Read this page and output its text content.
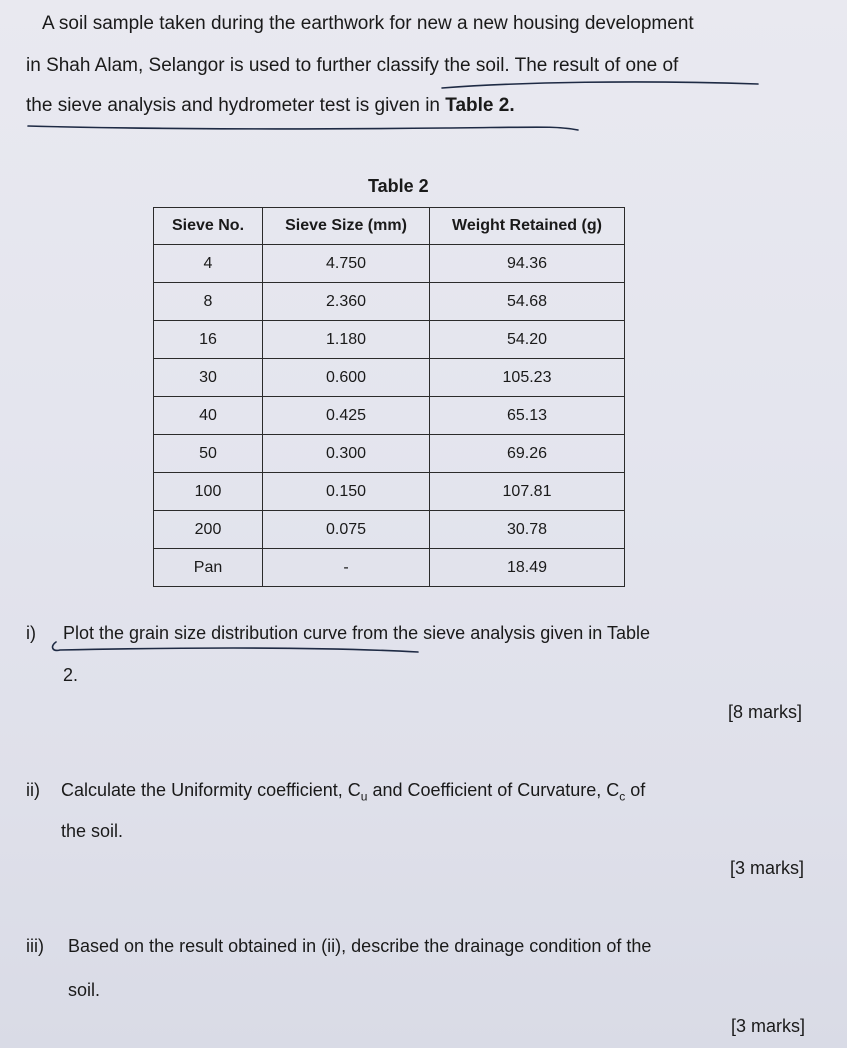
A soil sample taken during the earthwork for new a new housing development
in Shah Alam, Selangor is used to further classify the soil. The result of one of
the sieve analysis and hydrometer test is given in Table 2.
Table 2
Sieve No.	Sieve Size (mm)	Weight Retained (g)
4	4.750	94.36
8	2.360	54.68
16	1.180	54.20
30	0.600	105.23
40	0.425	65.13
50	0.300	69.26
100	0.150	107.81
200	0.075	30.78
Pan	-	18.49
i) Plot the grain size distribution curve from the sieve analysis given in Table
2.
[8 marks]
ii) Calculate the Uniformity coefficient, $C_u$ and Coefficient of Curvature, $C_c$ of
the soil.
[3 marks]
iii) Based on the result obtained in (ii), describe the drainage condition of the
soil.
[3 marks]
